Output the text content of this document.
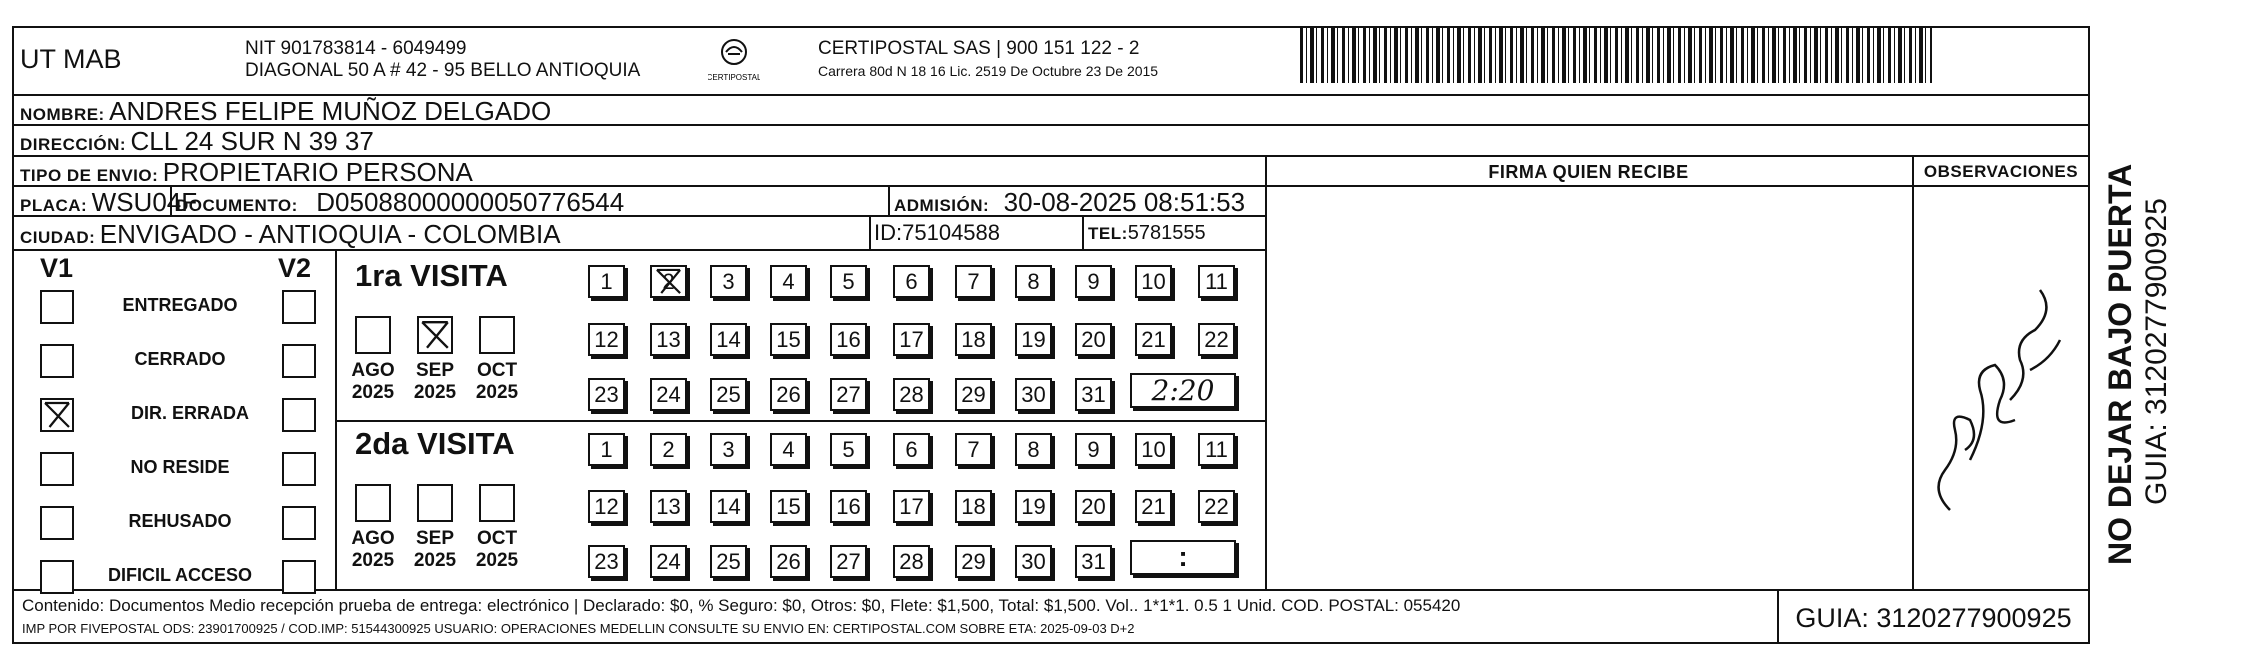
UT MAB	NIT 901783814 - 6049499
DIAGONAL 50 A # 42 - 95 BELLO ANTIOQUIA	CERTIPOSTAL
CERTIPOSTAL SAS | 900 151 122 - 2
Carrera 80d N 18 16 Lic. 2519 De Octubre 23 De 2015
NOMBRE: ANDRES FELIPE MUÑOZ DELGADO
DIRECCIÓN: CLL 24 SUR N 39 37
TIPO DE ENVIO: PROPIETARIO PERSONA	FIRMA QUIEN RECIBE	OBSERVACIONES
PLACA: WSU04F
DOCUMENTO: D05088000000050776544	ADMISIÓN: 30-08-2025 08:51:53
CIUDAD: ENVIGADO - ANTIOQUIA - COLOMBIA	ID:75104588	TEL:5781555
V1	V2 1ra VISITA
2da VISITA
2:20
:
Contenido: Documentos Medio recepción prueba de entrega: electrónico | Declarado: $0, % Seguro: $0, Otros: $0, Flete: $1,500, Total: $1,500. Vol.. 1*1*1. 0.5 1 Unid. COD. POSTAL: 055420
IMP POR FIVEPOSTAL ODS: 23901700925 / COD.IMP: 51544300925 USUARIO: OPERACIONES MEDELLIN CONSULTE SU ENVIO EN: CERTIPOSTAL.COM SOBRE ETA: 2025-09-03 D+2	GUIA: 3120277900925
NO DEJAR BAJO PUERTA GUIA: 3120277900925
ENTREGADO
CERRADO
DIR. ERRADA
NO RESIDE
REHUSADO
DIFICIL ACCESO
AGO
2025
SEP
2025
OCT
2025
AGO
2025
SEP
2025
OCT
2025
1	2	3	4	5	6	7	8	9	10	11
12 13 14 15 16 17 18 19 20 21 22
23 24 25 26 27 28 29 30 31
1	2	3	4	5	6	7	8	9	10	11
12 13 14 15 16 17 18 19 20 21 22
23 24 25 26 27 28 29 30 31
